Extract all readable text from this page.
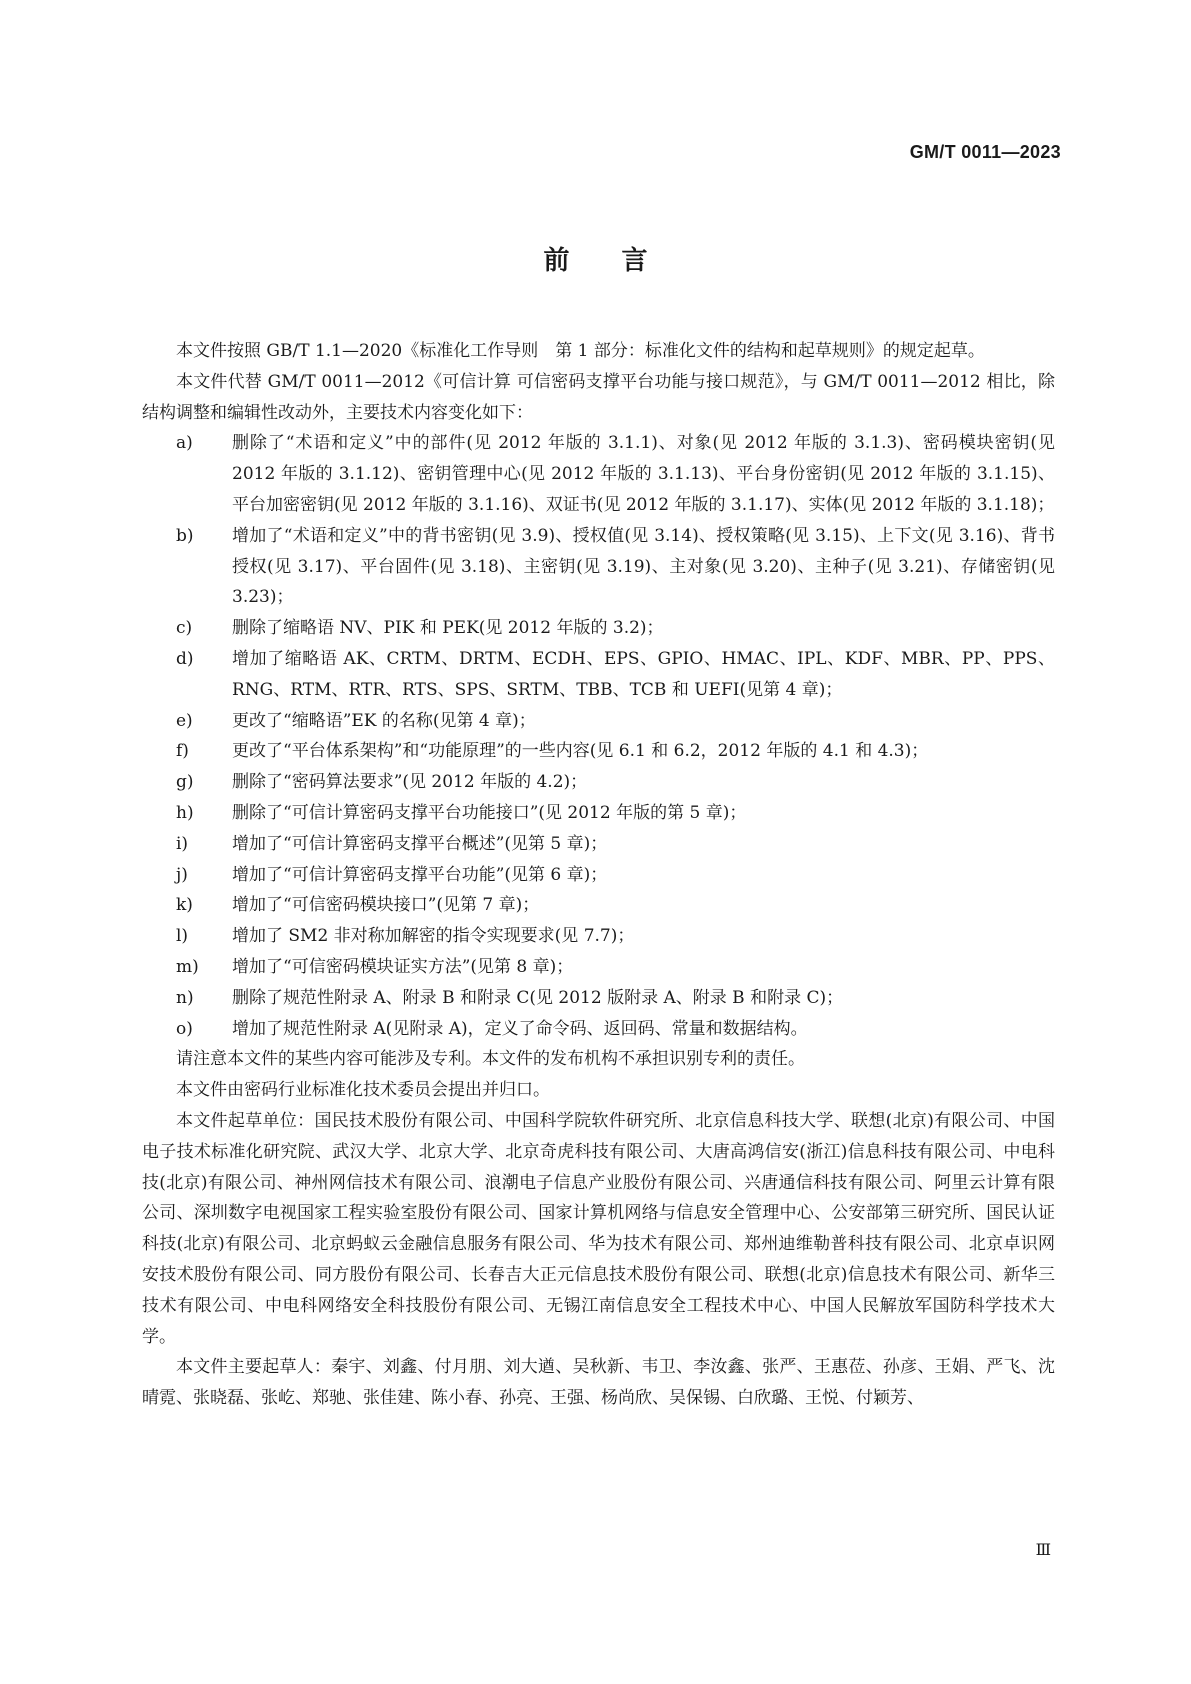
GM/T 0011—2023
前言

本文件按照 GB/T 1.1—2020《标准化工作导则　第 1 部分：标准化文件的结构和起草规则》的规定起草。

本文件代替 GM/T 0011—2012《可信计算 可信密码支撑平台功能与接口规范》，与 GM/T 0011—2012 相比，除结构调整和编辑性改动外，主要技术内容变化如下：

a) 删除了“术语和定义”中的部件(见 2012 年版的 3.1.1)、对象(见 2012 年版的 3.1.3)、密码模块密钥(见 2012 年版的 3.1.12)、密钥管理中心(见 2012 年版的 3.1.13)、平台身份密钥(见 2012 年版的 3.1.15)、平台加密密钥(见 2012 年版的 3.1.16)、双证书(见 2012 年版的 3.1.17)、实体(见 2012 年版的 3.1.18)；
b) 增加了“术语和定义”中的背书密钥(见 3.9)、授权值(见 3.14)、授权策略(见 3.15)、上下文(见 3.16)、背书授权(见 3.17)、平台固件(见 3.18)、主密钥(见 3.19)、主对象(见 3.20)、主种子(见 3.21)、存储密钥(见 3.23)；
c) 删除了缩略语 NV、PIK 和 PEK(见 2012 年版的 3.2)；
d) 增加了缩略语 AK、CRTM、DRTM、ECDH、EPS、GPIO、HMAC、IPL、KDF、MBR、PP、PPS、RNG、RTM、RTR、RTS、SPS、SRTM、TBB、TCB 和 UEFI(见第 4 章)；
e) 更改了“缩略语”EK 的名称(见第 4 章)；
f)	更改了“平台体系架构”和“功能原理”的一些内容(见 6.1 和 6.2，2012 年版的 4.1 和 4.3)；
g) 删除了“密码算法要求”(见 2012 年版的 4.2)；
h) 删除了“可信计算密码支撑平台功能接口”(见 2012 年版的第 5 章)；
i)	增加了“可信计算密码支撑平台概述”(见第 5 章)；
j)	增加了“可信计算密码支撑平台功能”(见第 6 章)；
k) 增加了“可信密码模块接口”(见第 7 章)；
l)	增加了 SM2 非对称加解密的指令实现要求(见 7.7)；
m) 增加了“可信密码模块证实方法”(见第 8 章)；
n) 删除了规范性附录 A、附录 B 和附录 C(见 2012 版附录 A、附录 B 和附录 C)；
o) 增加了规范性附录 A(见附录 A)，定义了命令码、返回码、常量和数据结构。

请注意本文件的某些内容可能涉及专利。本文件的发布机构不承担识别专利的责任。

本文件由密码行业标准化技术委员会提出并归口。

本文件起草单位：国民技术股份有限公司、中国科学院软件研究所、北京信息科技大学、联想(北京)有限公司、中国电子技术标准化研究院、武汉大学、北京大学、北京奇虎科技有限公司、大唐高鸿信安(浙江)信息科技有限公司、中电科技(北京)有限公司、神州网信技术有限公司、浪潮电子信息产业股份有限公司、兴唐通信科技有限公司、阿里云计算有限公司、深圳数字电视国家工程实验室股份有限公司、国家计算机网络与信息安全管理中心、公安部第三研究所、国民认证科技(北京)有限公司、北京蚂蚁云金融信息服务有限公司、华为技术有限公司、郑州迪维勒普科技有限公司、北京卓识网安技术股份有限公司、同方股份有限公司、长春吉大正元信息技术股份有限公司、联想(北京)信息技术有限公司、新华三技术有限公司、中电科网络安全科技股份有限公司、无锡江南信息安全工程技术中心、中国人民解放军国防科学技术大学。

本文件主要起草人：秦宇、刘鑫、付月朋、刘大遒、吴秋新、韦卫、李汝鑫、张严、王惠莅、孙彦、王娟、严飞、沈晴霓、张晓磊、张屹、郑驰、张佳建、陈小春、孙亮、王强、杨尚欣、吴保锡、白欣璐、王悦、付颖芳、

Ⅲ
